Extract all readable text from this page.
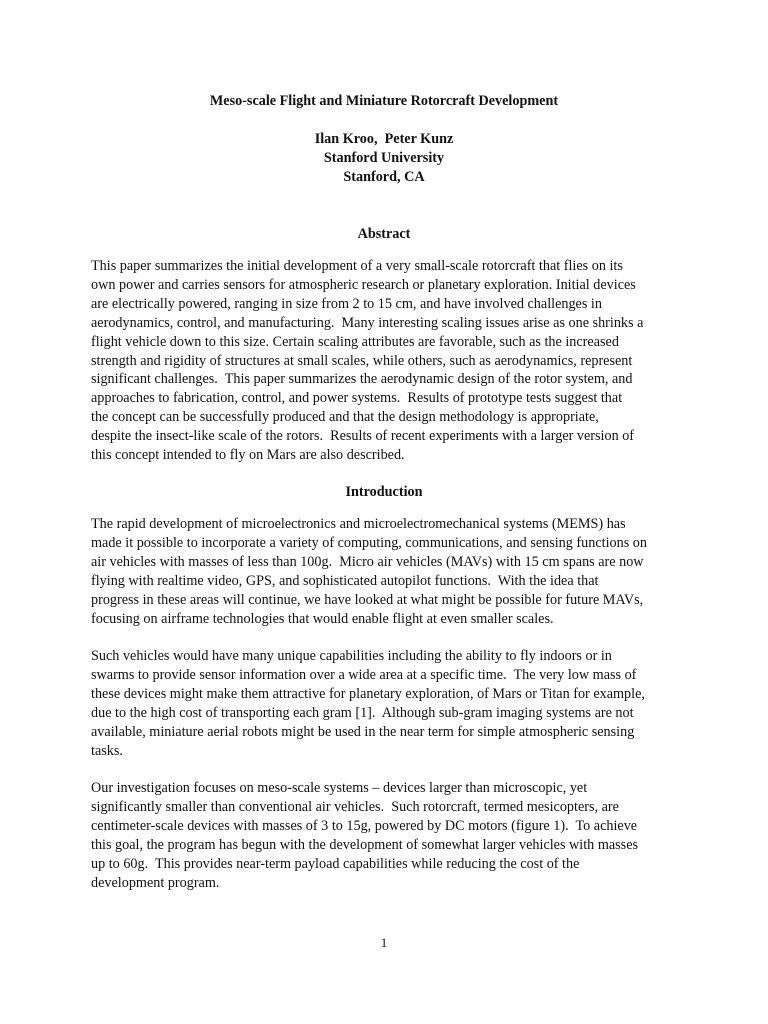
Meso-scale Flight and Miniature Rotorcraft Development
Ilan Kroo,  Peter Kunz
Stanford University
Stanford, CA
Abstract
This paper summarizes the initial development of a very small-scale rotorcraft that flies on its
own power and carries sensors for atmospheric research or planetary exploration. Initial devices
are electrically powered, ranging in size from 2 to 15 cm, and have involved challenges in
aerodynamics, control, and manufacturing.  Many interesting scaling issues arise as one shrinks a
flight vehicle down to this size. Certain scaling attributes are favorable, such as the increased
strength and rigidity of structures at small scales, while others, such as aerodynamics, represent
significant challenges.  This paper summarizes the aerodynamic design of the rotor system, and
approaches to fabrication, control, and power systems.  Results of prototype tests suggest that
the concept can be successfully produced and that the design methodology is appropriate,
despite the insect-like scale of the rotors.  Results of recent experiments with a larger version of
this concept intended to fly on Mars are also described.
Introduction
The rapid development of microelectronics and microelectromechanical systems (MEMS) has
made it possible to incorporate a variety of computing, communications, and sensing functions on
air vehicles with masses of less than 100g.  Micro air vehicles (MAVs) with 15 cm spans are now
flying with realtime video, GPS, and sophisticated autopilot functions.  With the idea that
progress in these areas will continue, we have looked at what might be possible for future MAVs,
focusing on airframe technologies that would enable flight at even smaller scales.
Such vehicles would have many unique capabilities including the ability to fly indoors or in
swarms to provide sensor information over a wide area at a specific time.  The very low mass of
these devices might make them attractive for planetary exploration, of Mars or Titan for example,
due to the high cost of transporting each gram [1].  Although sub-gram imaging systems are not
available, miniature aerial robots might be used in the near term for simple atmospheric sensing
tasks.
Our investigation focuses on meso-scale systems – devices larger than microscopic, yet
significantly smaller than conventional air vehicles.  Such rotorcraft, termed mesicopters, are
centimeter-scale devices with masses of 3 to 15g, powered by DC motors (figure 1).  To achieve
this goal, the program has begun with the development of somewhat larger vehicles with masses
up to 60g.  This provides near-term payload capabilities while reducing the cost of the
development program.
1
